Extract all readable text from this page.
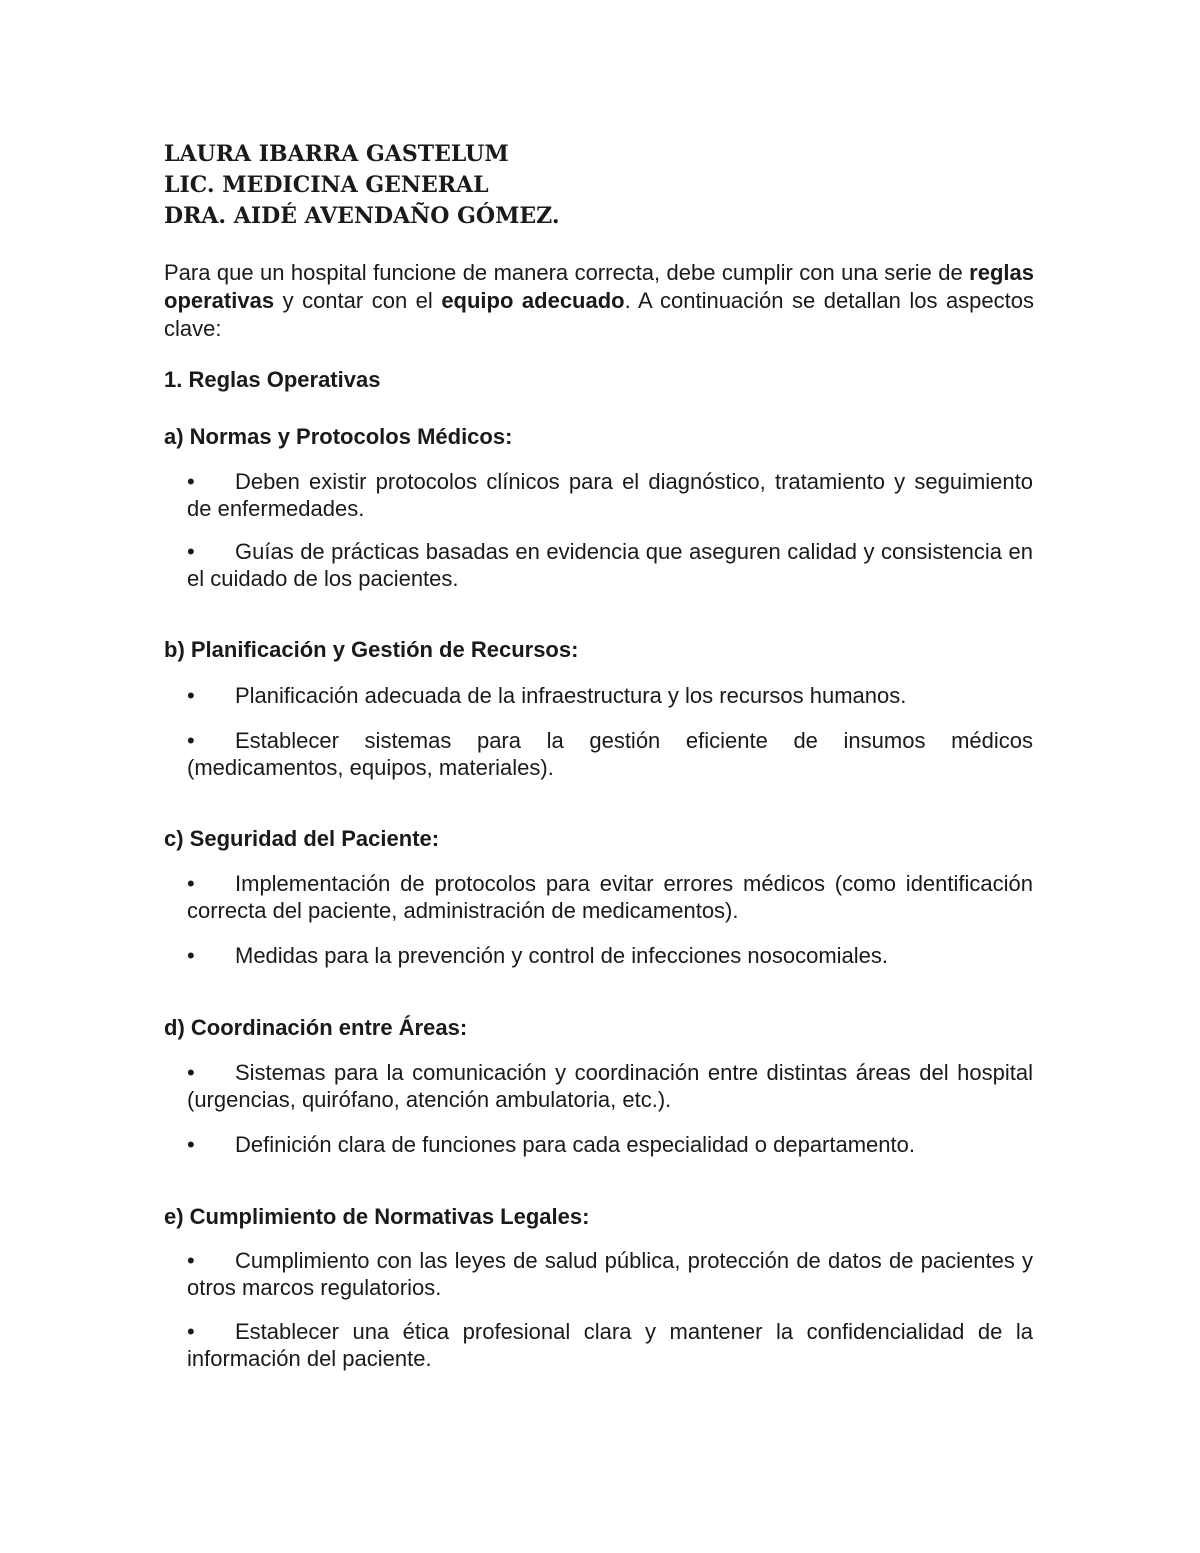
LAURA IBARRA GASTELUM
LIC. MEDICINA GENERAL
DRA. AIDÉ AVENDAÑO GÓMEZ.
Para que un hospital funcione de manera correcta, debe cumplir con una serie de reglas operativas y contar con el equipo adecuado. A continuación se detallan los aspectos clave:
1. Reglas Operativas
a) Normas y Protocolos Médicos:
• Deben existir protocolos clínicos para el diagnóstico, tratamiento y seguimiento de enfermedades.
• Guías de prácticas basadas en evidencia que aseguren calidad y consistencia en el cuidado de los pacientes.
b) Planificación y Gestión de Recursos:
• Planificación adecuada de la infraestructura y los recursos humanos.
• Establecer sistemas para la gestión eficiente de insumos médicos (medicamentos, equipos, materiales).
c) Seguridad del Paciente:
• Implementación de protocolos para evitar errores médicos (como identificación correcta del paciente, administración de medicamentos).
• Medidas para la prevención y control de infecciones nosocomiales.
d) Coordinación entre Áreas:
• Sistemas para la comunicación y coordinación entre distintas áreas del hospital (urgencias, quirófano, atención ambulatoria, etc.).
• Definición clara de funciones para cada especialidad o departamento.
e) Cumplimiento de Normativas Legales:
• Cumplimiento con las leyes de salud pública, protección de datos de pacientes y otros marcos regulatorios.
• Establecer una ética profesional clara y mantener la confidencialidad de la información del paciente.
